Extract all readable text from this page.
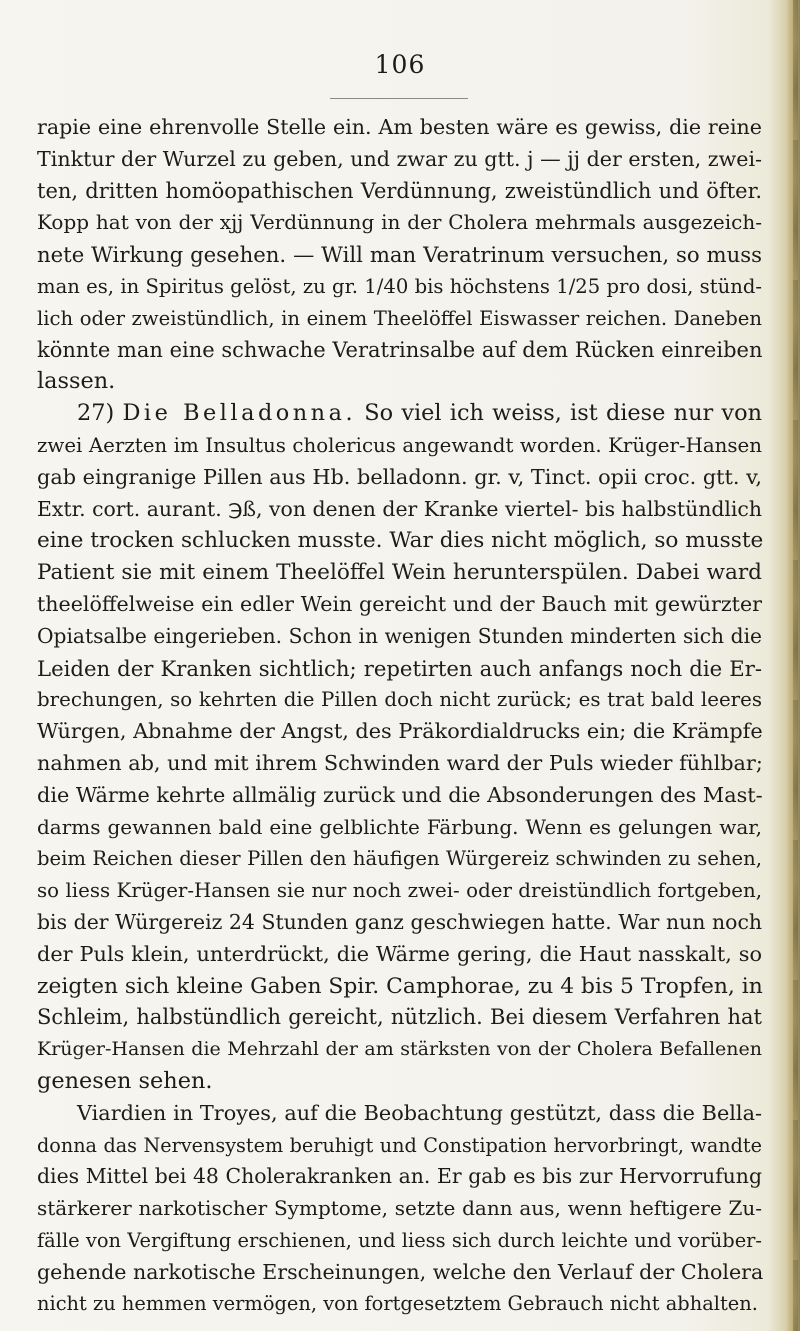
106
rapie eine ehrenvolle Stelle ein. Am besten wäre es gewiss, die reine
Tinktur der Wurzel zu geben, und zwar zu gtt. j — jj der ersten, zwei-
ten, dritten homöopathischen Verdünnung, zweistündlich und öfter.
Kopp hat von der xjj Verdünnung in der Cholera mehrmals ausgezeich-
nete Wirkung gesehen. — Will man Veratrinum versuchen, so muss
man es, in Spiritus gelöst, zu gr. 1/40 bis höchstens 1/25 pro dosi, stünd-
lich oder zweistündlich, in einem Theelöffel Eiswasser reichen. Daneben
könnte man eine schwache Veratrinsalbe auf dem Rücken einreiben
lassen.
27) Die Belladonna. So viel ich weiss, ist diese nur von
zwei Aerzten im Insultus cholericus angewandt worden. Krüger-Hansen
gab eingranige Pillen aus Hb. belladonn. gr. v, Tinct. opii croc. gtt. v,
Extr. cort. aurant. ℈ß, von denen der Kranke viertel- bis halbstündlich
eine trocken schlucken musste. War dies nicht möglich, so musste
Patient sie mit einem Theelöffel Wein herunterspülen. Dabei ward
theelöffelweise ein edler Wein gereicht und der Bauch mit gewürzter
Opiatsalbe eingerieben. Schon in wenigen Stunden minderten sich die
Leiden der Kranken sichtlich; repetirten auch anfangs noch die Er-
brechungen, so kehrten die Pillen doch nicht zurück; es trat bald leeres
Würgen, Abnahme der Angst, des Präkordialdrucks ein; die Krämpfe
nahmen ab, und mit ihrem Schwinden ward der Puls wieder fühlbar;
die Wärme kehrte allmälig zurück und die Absonderungen des Mast-
darms gewannen bald eine gelblichte Färbung. Wenn es gelungen war,
beim Reichen dieser Pillen den häufigen Würgereiz schwinden zu sehen,
so liess Krüger-Hansen sie nur noch zwei- oder dreistündlich fortgeben,
bis der Würgereiz 24 Stunden ganz geschwiegen hatte. War nun noch
der Puls klein, unterdrückt, die Wärme gering, die Haut nasskalt, so
zeigten sich kleine Gaben Spir. Camphorae, zu 4 bis 5 Tropfen, in
Schleim, halbstündlich gereicht, nützlich. Bei diesem Verfahren hat
Krüger-Hansen die Mehrzahl der am stärksten von der Cholera Befallenen
genesen sehen.
Viardien in Troyes, auf die Beobachtung gestützt, dass die Bella-
donna das Nervensystem beruhigt und Constipation hervorbringt, wandte
dies Mittel bei 48 Cholerakranken an. Er gab es bis zur Hervorrufung
stärkerer narkotischer Symptome, setzte dann aus, wenn heftigere Zu-
fälle von Vergiftung erschienen, und liess sich durch leichte und vorüber-
gehende narkotische Erscheinungen, welche den Verlauf der Cholera
nicht zu hemmen vermögen, von fortgesetztem Gebrauch nicht abhalten.
